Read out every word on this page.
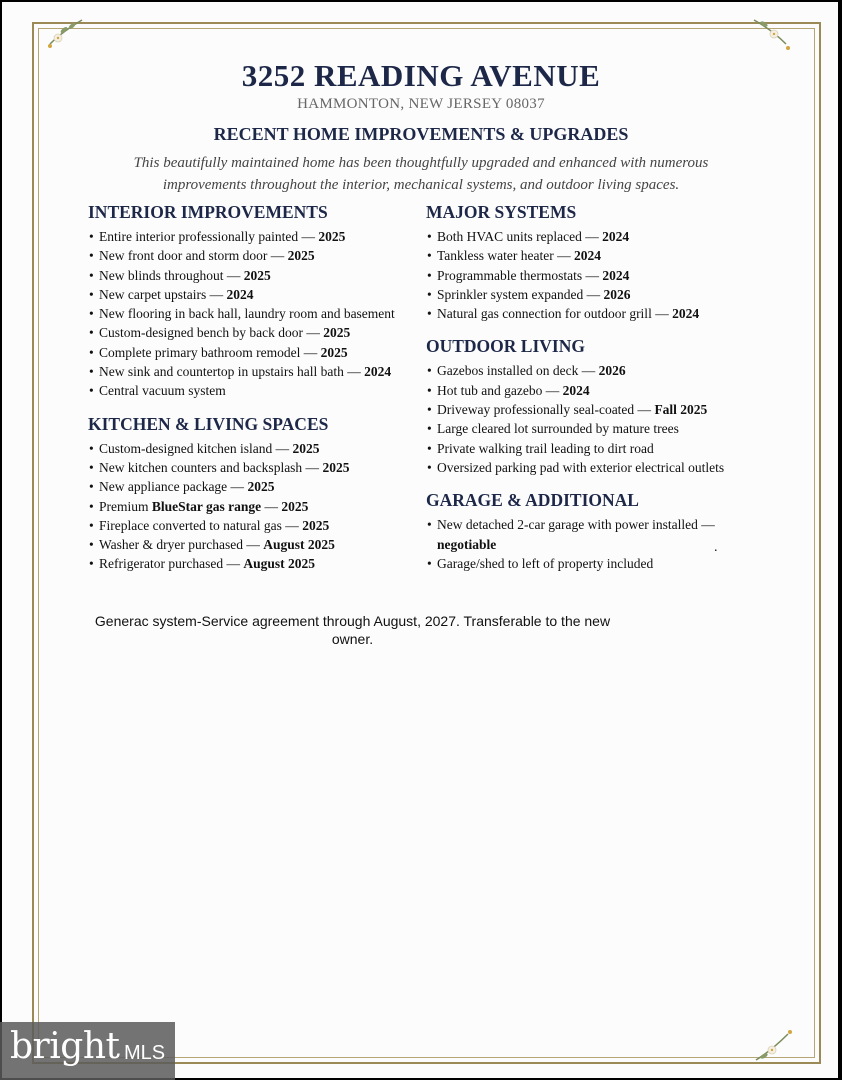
3252 READING AVENUE
HAMMONTON, NEW JERSEY 08037
RECENT HOME IMPROVEMENTS & UPGRADES
This beautifully maintained home has been thoughtfully upgraded and enhanced with numerous improvements throughout the interior, mechanical systems, and outdoor living spaces.
INTERIOR IMPROVEMENTS
• Entire interior professionally painted — 2025
• New front door and storm door — 2025
• New blinds throughout — 2025
• New carpet upstairs — 2024
• New flooring in back hall, laundry room and basement
• Custom-designed bench by back door — 2025
• Complete primary bathroom remodel — 2025
• New sink and countertop in upstairs hall bath — 2024
• Central vacuum system
KITCHEN & LIVING SPACES
• Custom-designed kitchen island — 2025
• New kitchen counters and backsplash — 2025
• New appliance package — 2025
• Premium BlueStar gas range — 2025
• Fireplace converted to natural gas — 2025
• Washer & dryer purchased — August 2025
• Refrigerator purchased — August 2025
MAJOR SYSTEMS
• Both HVAC units replaced — 2024
• Tankless water heater — 2024
• Programmable thermostats — 2024
• Sprinkler system expanded — 2026
• Natural gas connection for outdoor grill — 2024
OUTDOOR LIVING
• Gazebos installed on deck — 2026
• Hot tub and gazebo — 2024
• Driveway professionally seal-coated — Fall 2025
• Large cleared lot surrounded by mature trees
• Private walking trail leading to dirt road
• Oversized parking pad with exterior electrical outlets
GARAGE & ADDITIONAL
• New detached 2-car garage with power installed — negotiable
• Garage/shed to left of property included
.
Generac system-Service agreement through August, 2027. Transferable to the new owner.
bright MLS
